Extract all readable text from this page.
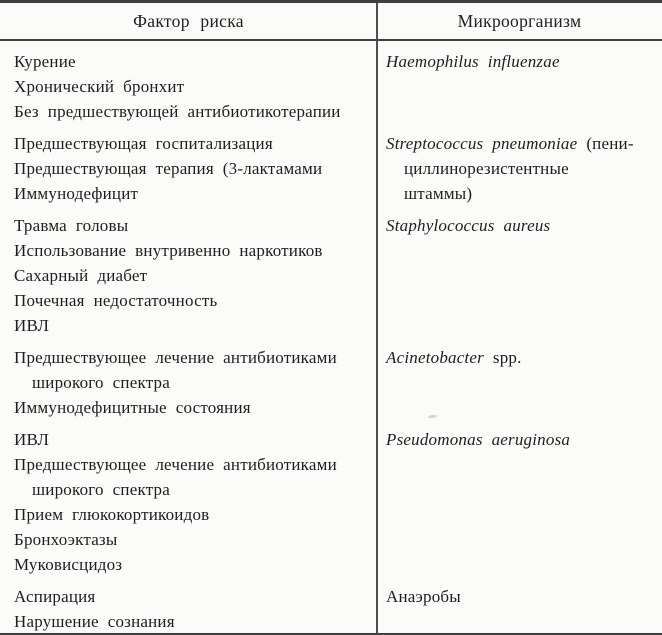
Фактор риска	Микроорганизм
Курение
Хронический бронхит
Без предшествующей антибиотикотерапии
Haemophilus influenzae
Предшествующая госпитализация
Предшествующая терапия (3-лактамами
Иммунодефицит
Streptococcus pneumoniae (пени-
циллинорезистентные
штаммы)
Травма головы
Использование внутривенно наркотиков
Сахарный диабет
Почечная недостаточность
ИВЛ
Staphylococcus aureus
Предшествующее лечение антибиотиками
широкого спектра
Иммунодефицитные состояния
Acinetobacter spp.
ИВЛ
Предшествующее лечение антибиотиками
широкого спектра
Прием глюкокортикоидов
Бронхоэктазы
Муковисцидоз
Pseudomonas aeruginosa
Аспирация
Нарушение сознания
Анаэробы
